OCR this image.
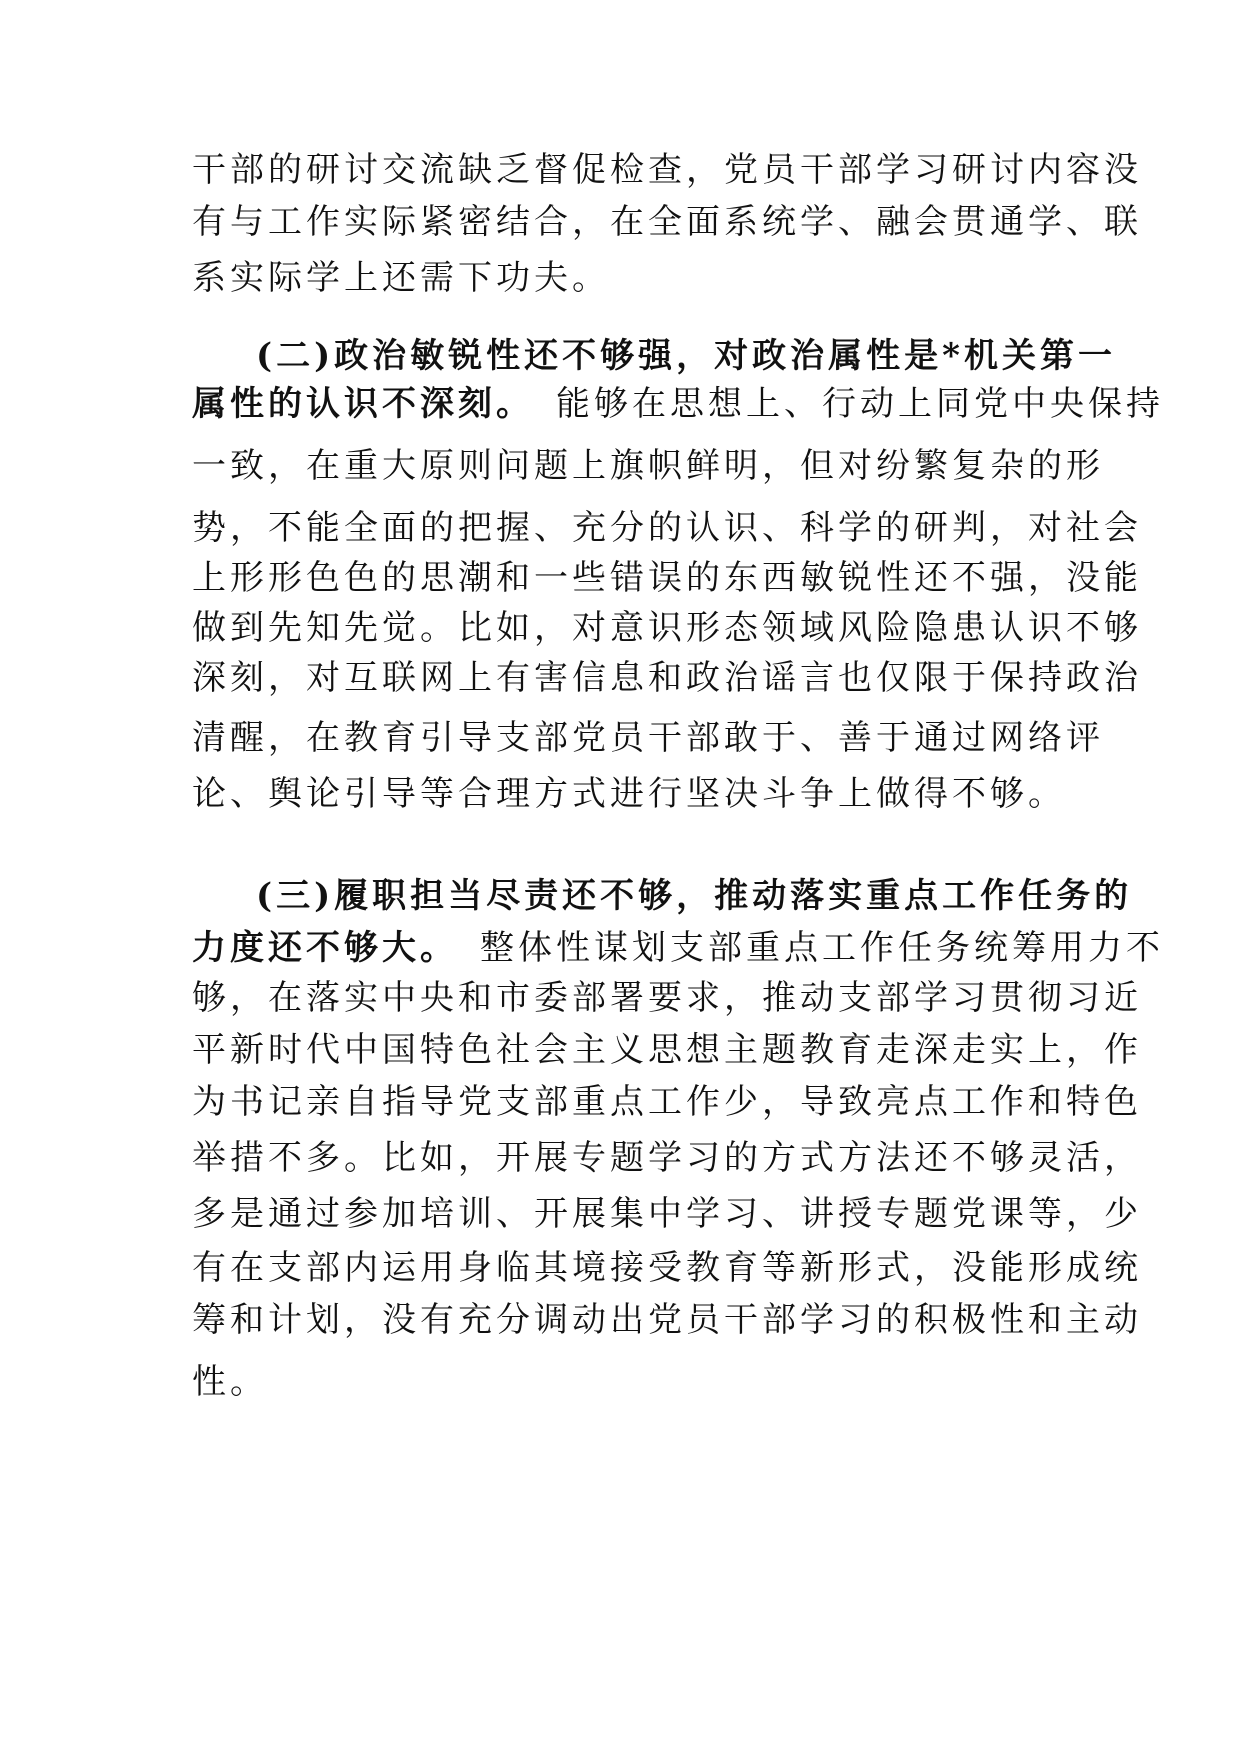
干部的研讨交流缺乏督促检查，党员干部学习研讨内容没
有与工作实际紧密结合，在全面系统学、融会贯通学、联
系实际学上还需下功夫。
(二)政治敏锐性还不够强，对政治属性是*机关第一
属性的认识不深刻。 能够在思想上、行动上同党中央保持
一致，在重大原则问题上旗帜鲜明，但对纷繁复杂的形
势，不能全面的把握、充分的认识、科学的研判，对社会
上形形色色的思潮和一些错误的东西敏锐性还不强，没能
做到先知先觉。比如，对意识形态领域风险隐患认识不够
深刻，对互联网上有害信息和政治谣言也仅限于保持政治
清醒，在教育引导支部党员干部敢于、善于通过网络评
论、舆论引导等合理方式进行坚决斗争上做得不够。
(三)履职担当尽责还不够，推动落实重点工作任务的
力度还不够大。 整体性谋划支部重点工作任务统筹用力不
够，在落实中央和市委部署要求，推动支部学习贯彻习近
平新时代中国特色社会主义思想主题教育走深走实上，作
为书记亲自指导党支部重点工作少，导致亮点工作和特色
举措不多。比如，开展专题学习的方式方法还不够灵活，
多是通过参加培训、开展集中学习、讲授专题党课等，少
有在支部内运用身临其境接受教育等新形式，没能形成统
筹和计划，没有充分调动出党员干部学习的积极性和主动
性。
